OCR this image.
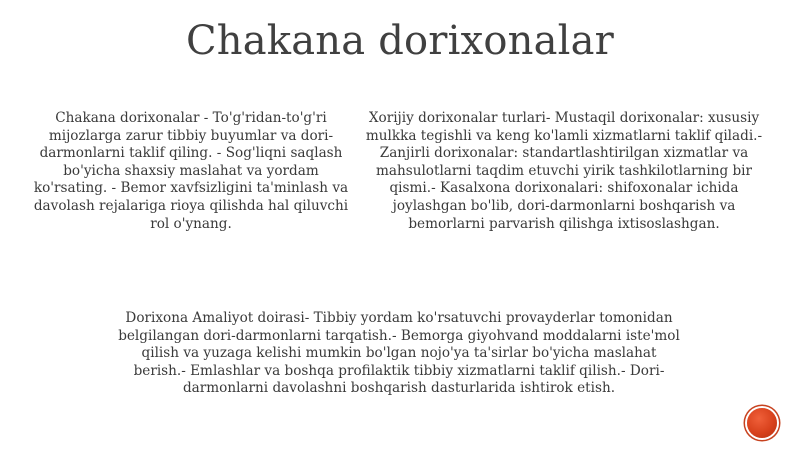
Chakana dorixonalar

Chakana dorixonalar - To'g'ridan-to'g'ri mijozlarga zarur tibbiy buyumlar va dori-darmonlarni taklif qiling. - Sog'liqni saqlash bo'yicha shaxsiy maslahat va yordam ko'rsating. - Bemor xavfsizligini ta'minlash va davolash rejalariga rioya qilishda hal qiluvchi rol o'ynang.

Xorijiy dorixonalar turlari- Mustaqil dorixonalar: xususiy mulkka tegishli va keng ko'lamli xizmatlarni taklif qiladi.- Zanjirli dorixonalar: standartlashtirilgan xizmatlar va mahsulotlarni taqdim etuvchi yirik tashkilotlarning bir qismi.- Kasalxona dorixonalari: shifoxonalar ichida joylashgan bo'lib, dori-darmonlarni boshqarish va bemorlarni parvarish qilishga ixtisoslashgan.

Dorixona Amaliyot doirasi- Tibbiy yordam ko'rsatuvchi provayderlar tomonidan belgilangan dori-darmonlarni tarqatish.- Bemorga giyohvand moddalarni iste'mol qilish va yuzaga kelishi mumkin bo'lgan nojo'ya ta'sirlar bo'yicha maslahat berish.- Emlashlar va boshqa profilaktik tibbiy xizmatlarni taklif qilish.- Dori-darmonlarni davolashni boshqarish dasturlarida ishtirok etish.
